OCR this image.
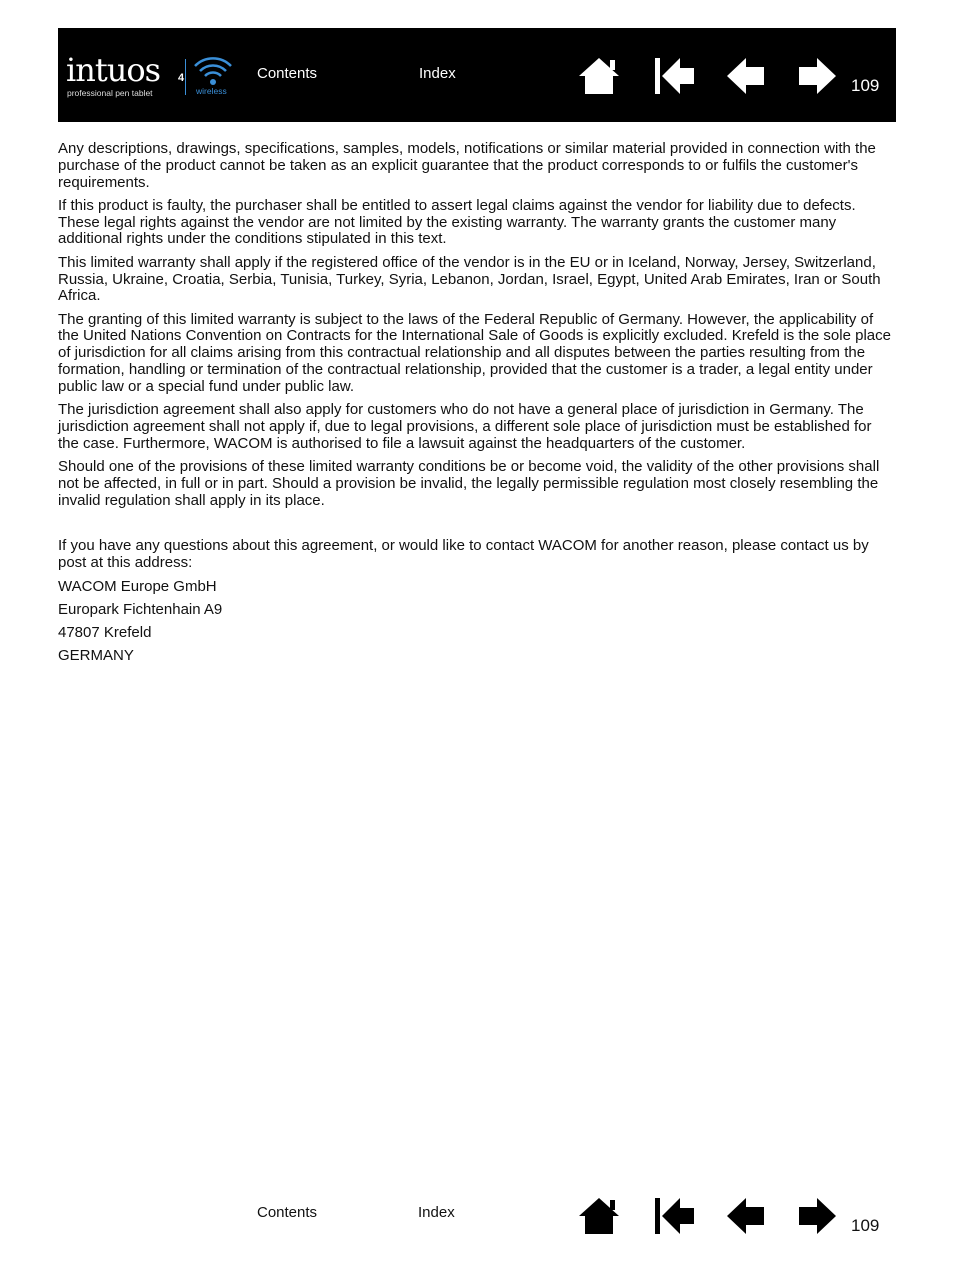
intuos 4
professional pen tablet	wireless
Contents	Index
109

Any descriptions, drawings, specifications, samples, models, notifications or similar material provided in connection with the purchase of the product cannot be taken as an explicit guarantee that the product corresponds to or fulfils the customer's requirements.

If this product is faulty, the purchaser shall be entitled to assert legal claims against the vendor for liability due to defects. These legal rights against the vendor are not limited by the existing warranty. The warranty grants the customer many additional rights under the conditions stipulated in this text.

This limited warranty shall apply if the registered office of the vendor is in the EU or in Iceland, Norway, Jersey, Switzerland, Russia, Ukraine, Croatia, Serbia, Tunisia, Turkey, Syria, Lebanon, Jordan, Israel, Egypt, United Arab Emirates, Iran or South Africa.

The granting of this limited warranty is subject to the laws of the Federal Republic of Germany. However, the applicability of the United Nations Convention on Contracts for the International Sale of Goods is explicitly excluded. Krefeld is the sole place of jurisdiction for all claims arising from this contractual relationship and all disputes between the parties resulting from the formation, handling or termination of the contractual relationship, provided that the customer is a trader, a legal entity under public law or a special fund under public law.

The jurisdiction agreement shall also apply for customers who do not have a general place of jurisdiction in Germany. The jurisdiction agreement shall not apply if, due to legal provisions, a different sole place of jurisdiction must be established for the case. Furthermore, WACOM is authorised to file a lawsuit against the headquarters of the customer.

Should one of the provisions of these limited warranty conditions be or become void, the validity of the other provisions shall not be affected, in full or in part. Should a provision be invalid, the legally permissible regulation most closely resembling the invalid regulation shall apply in its place.

If you have any questions about this agreement, or would like to contact WACOM for another reason, please contact us by post at this address:

WACOM Europe GmbH

Europark Fichtenhain A9

47807 Krefeld

GERMANY

Contents	Index
109
